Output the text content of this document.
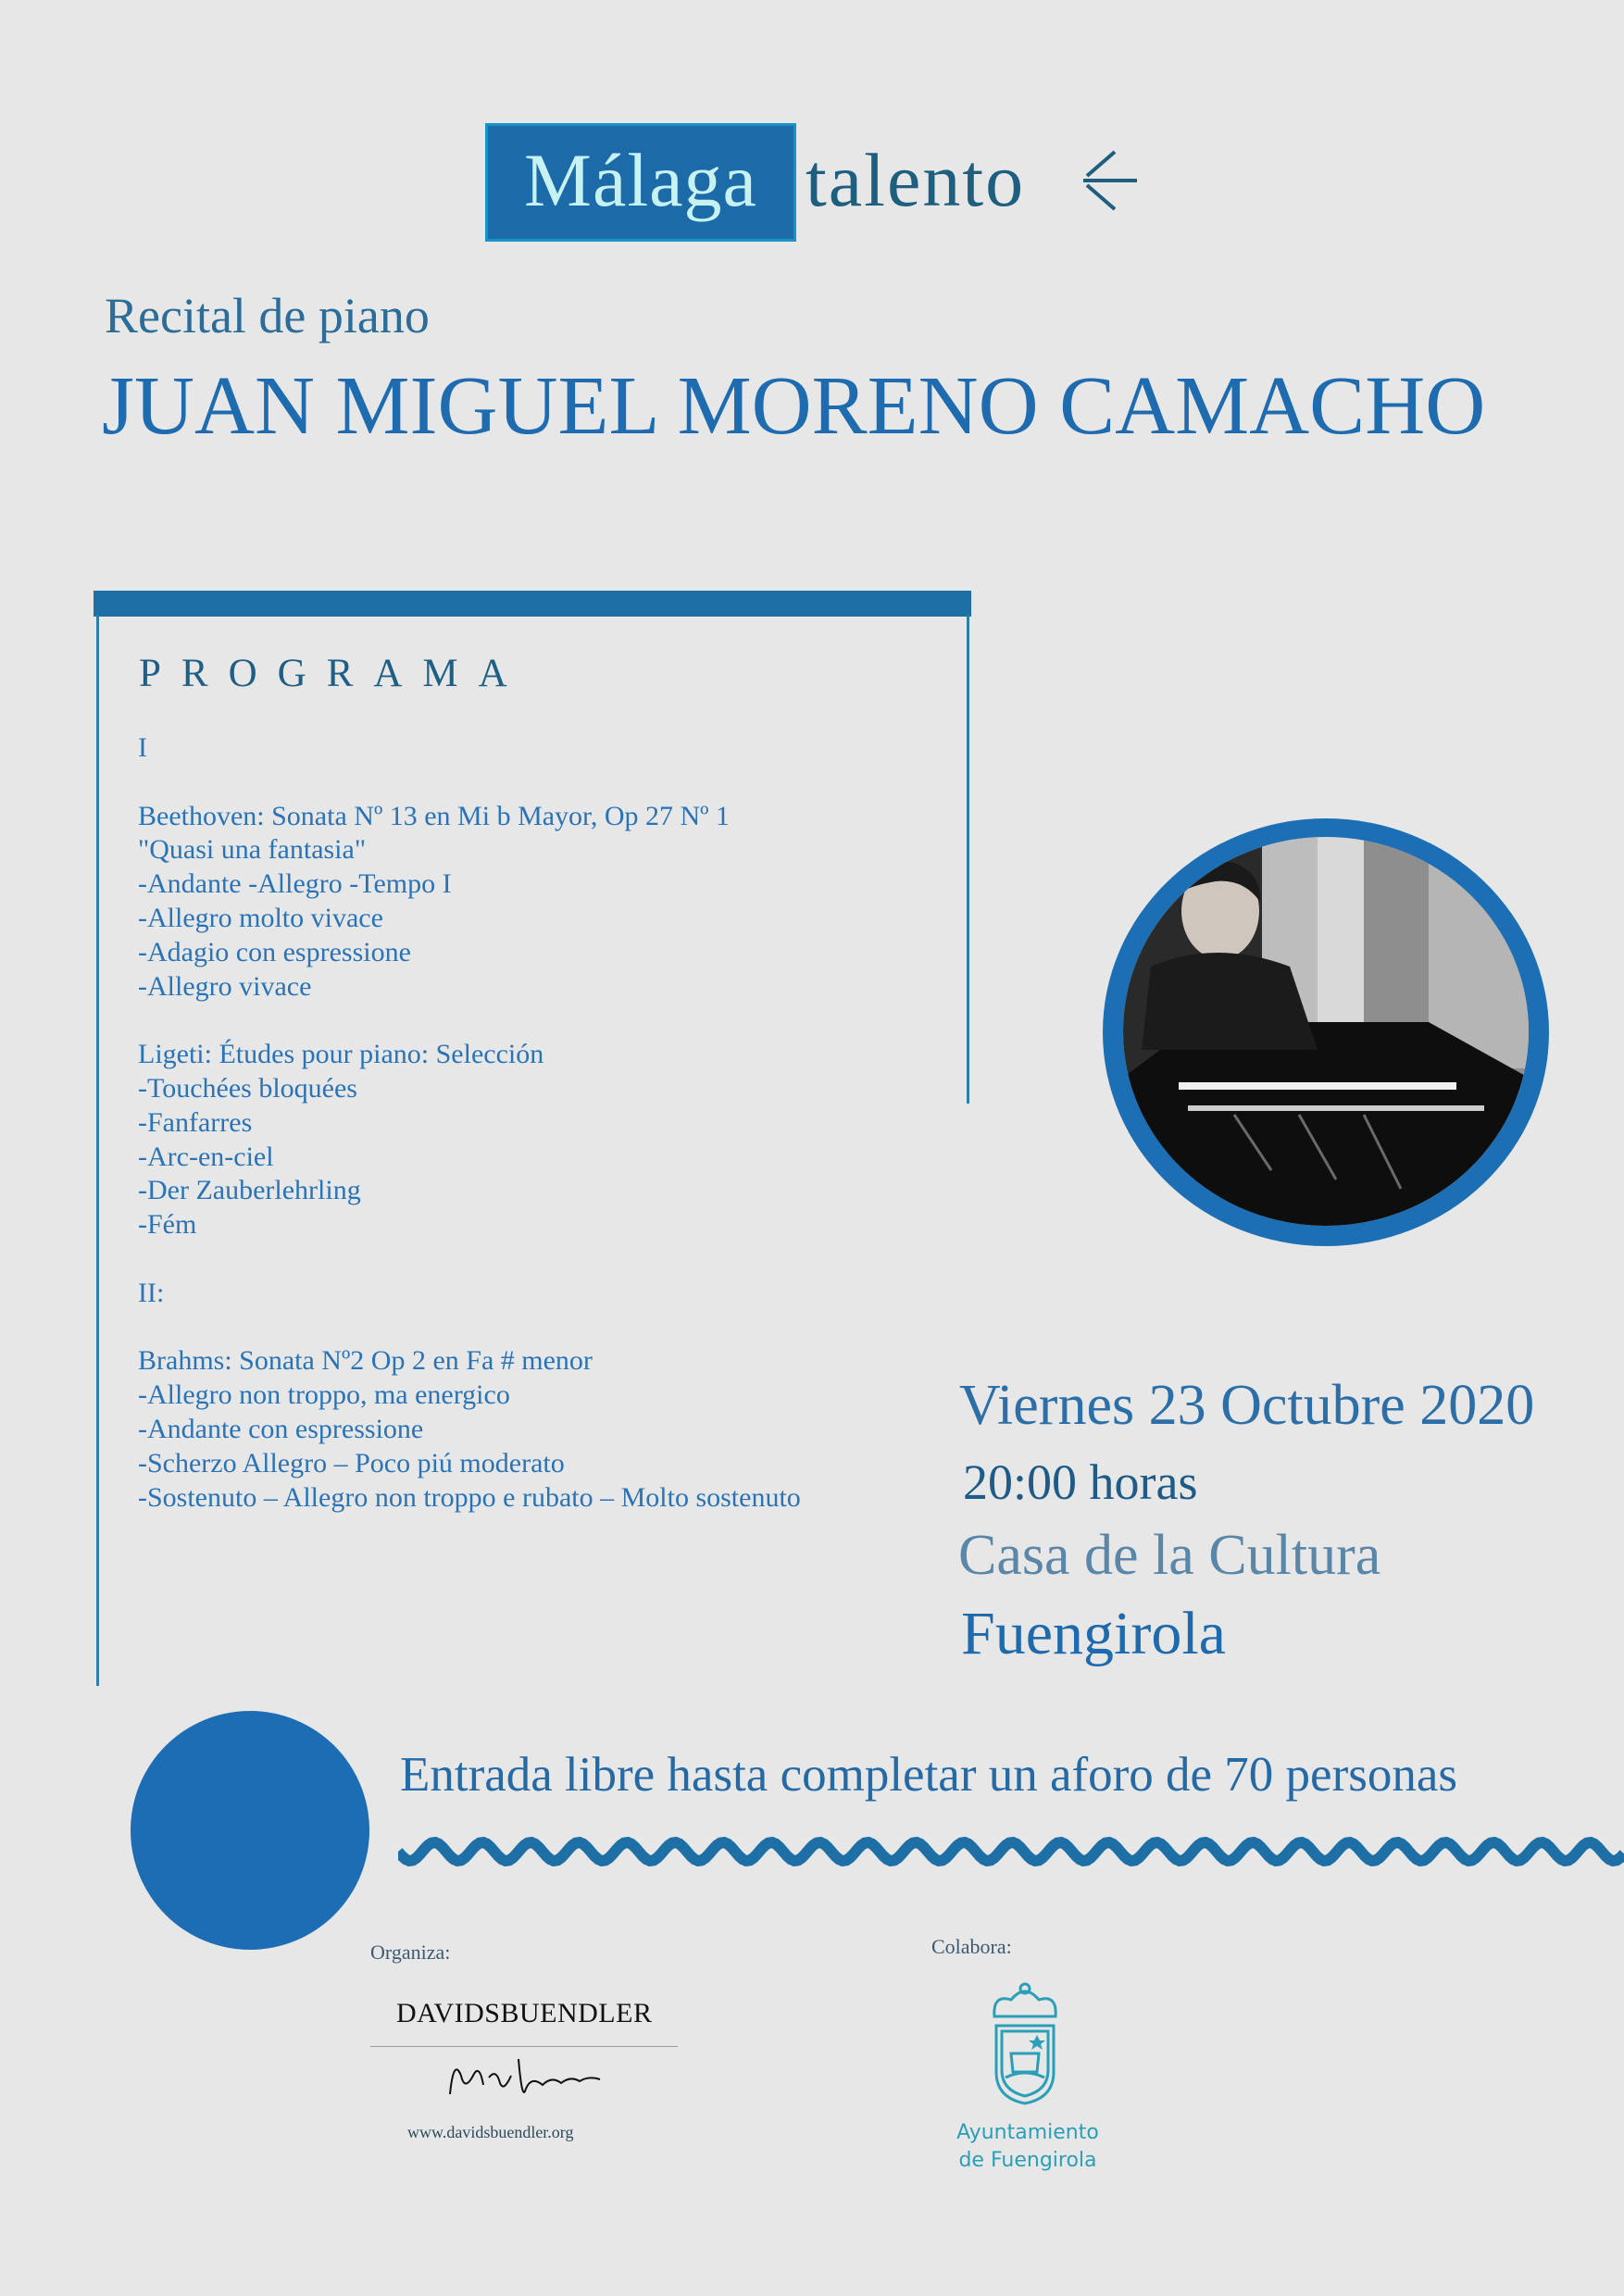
Málaga talento
Recital de piano
JUAN MIGUEL MORENO CAMACHO
PROGRAMA
I
Beethoven: Sonata Nº 13 en Mi b Mayor, Op 27 Nº 1
"Quasi una fantasia"
-Andante -Allegro -Tempo I
-Allegro molto vivace
-Adagio con espressione
-Allegro vivace
Ligeti: Études pour piano: Selección
-Touchées bloquées
-Fanfarres
-Arc-en-ciel
-Der Zauberlehrling
-Fém
II:
Brahms: Sonata Nº2 Op 2 en Fa # menor
-Allegro non troppo, ma energico
-Andante con espressione
-Scherzo Allegro – Poco piú moderato
-Sostenuto – Allegro non troppo e rubato – Molto sostenuto
Viernes 23 Octubre 2020
20:00 horas
Casa de la Cultura
Fuengirola
Entrada libre hasta completar un aforo de 70 personas
Organiza:
DAVIDSBUENDLER
www.davidsbuendler.org
Colabora:
Ayuntamiento
de Fuengirola
